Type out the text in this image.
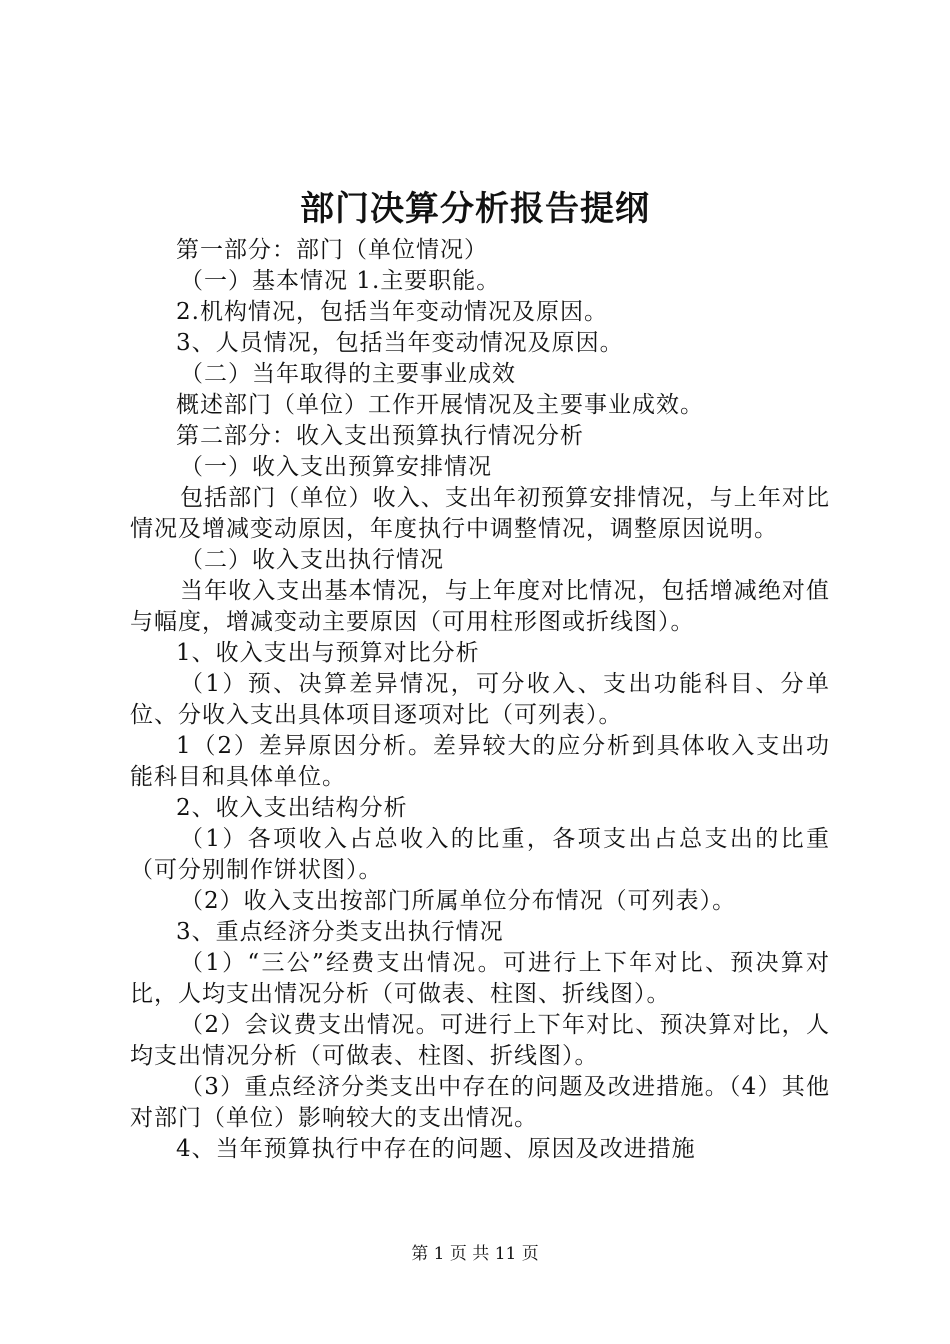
部门决算分析报告提纲

第一部分：部门（单位情况）

（一）基本情况 1.主要职能。

2.机构情况，包括当年变动情况及原因。

3、人员情况，包括当年变动情况及原因。

（二）当年取得的主要事业成效

概述部门（单位）工作开展情况及主要事业成效。

第二部分：收入支出预算执行情况分析

（一）收入支出预算安排情况

包括部门（单位）收入、支出年初预算安排情况，与上年对比情况及增减变动原因，年度执行中调整情况，调整原因说明。

（二）收入支出执行情况

当年收入支出基本情况，与上年度对比情况，包括增减绝对值与幅度，增减变动主要原因（可用柱形图或折线图）。

1、收入支出与预算对比分析

（1）预、决算差异情况，可分收入、支出功能科目、分单位、分收入支出具体项目逐项对比（可列表）。

1（2）差异原因分析。差异较大的应分析到具体收入支出功能科目和具体单位。

2、收入支出结构分析

（1）各项收入占总收入的比重，各项支出占总支出的比重（可分别制作饼状图）。

（2）收入支出按部门所属单位分布情况（可列表）。

3、重点经济分类支出执行情况

（1）“三公”经费支出情况。可进行上下年对比、预决算对比，人均支出情况分析（可做表、柱图、折线图）。

（2）会议费支出情况。可进行上下年对比、预决算对比，人均支出情况分析（可做表、柱图、折线图）。

（3）重点经济分类支出中存在的问题及改进措施。（4）其他对部门（单位）影响较大的支出情况。

4、当年预算执行中存在的问题、原因及改进措施

第 1 页 共 11 页
